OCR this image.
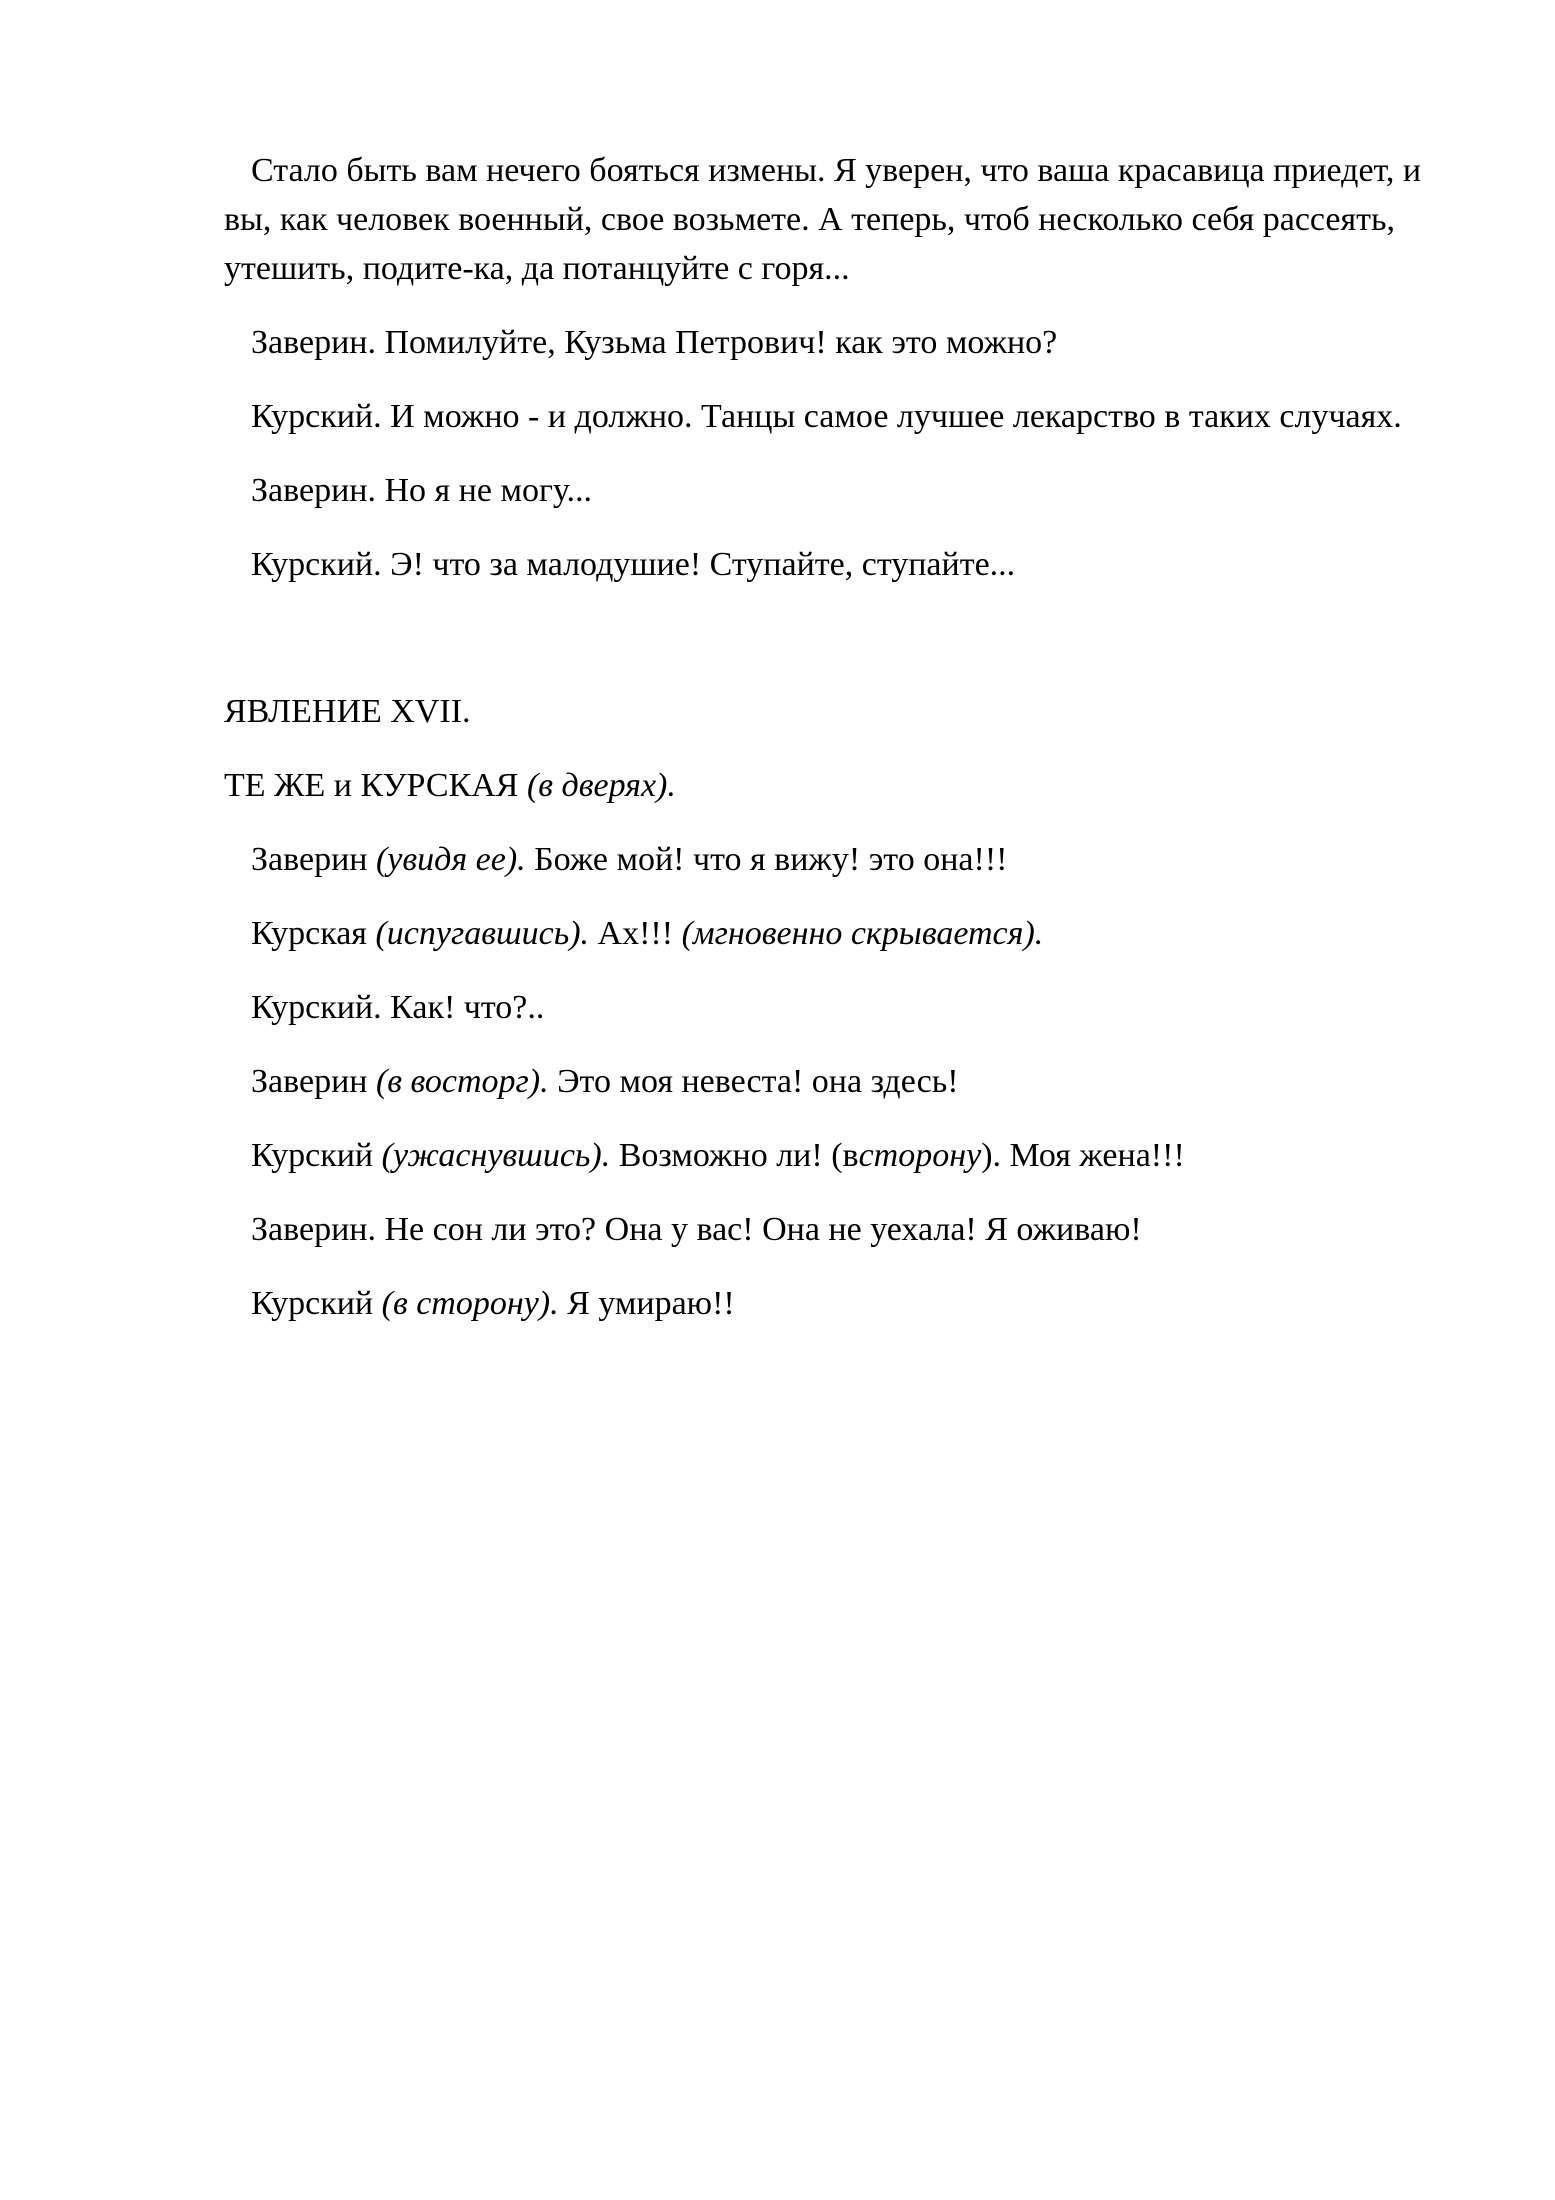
Стало быть вам нечего бояться измены. Я уверен, что ваша красавица приедет, и вы, как человек военный, свое возьмете. А теперь, чтоб несколько себя рассеять, утешить, подите-ка, да потанцуйте с горя...

Заверин. Помилуйте, Кузьма Петрович! как это можно?

Курский. И можно - и должно. Танцы самое лучшее лекарство в таких случаях.

Заверин. Но я не могу...

Курский. Э! что за малодушие! Ступайте, ступайте...

ЯВЛЕНИЕ XVII.

ТЕ ЖЕ и КУРСКАЯ (в дверях).

Заверин (увидя ее). Боже мой! что я вижу! это она!!!

Курская (испугавшись). Ах!!! (мгновенно скрывается).

Курский. Как! что?..

Заверин (в восторг). Это моя невеста! она здесь!

Курский (ужаснувшись). Возможно ли! (всторону). Моя жена!!!

Заверин. Не сон ли это? Она у вас! Она не уехала! Я оживаю!

Курский (в сторону). Я умираю!!
